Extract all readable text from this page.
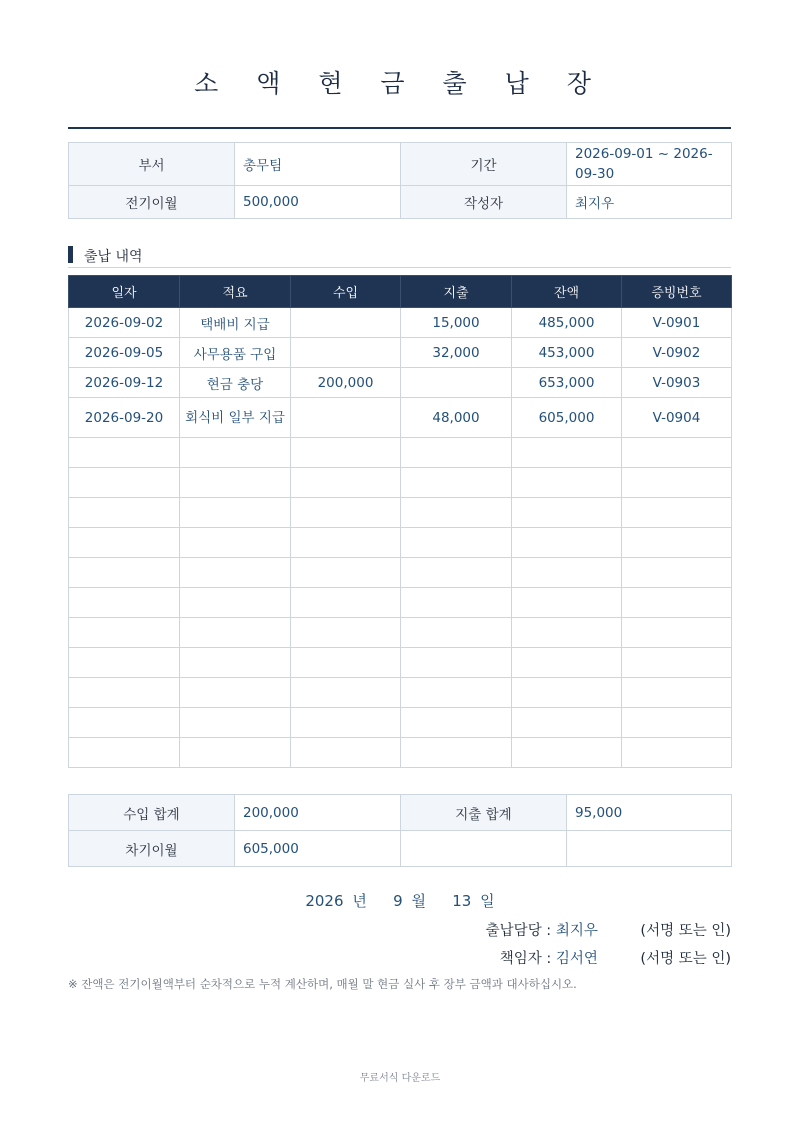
소 액 현 금 출 납 장
부서	총무팀	기간	2026-09-01 ~ 2026-09-30
전기이월	500,000	작성자	최지우
출납 내역
일자	적요	수입	지출	잔액	증빙번호
2026-09-02	택배비 지급		15,000	485,000	V-0901
2026-09-05	사무용품 구입		32,000	453,000	V-0902
2026-09-12	현금 충당	200,000		653,000	V-0903
2026-09-20	회식비 일부 지급		48,000	605,000	V-0904

수입 합계	200,000	지출 합계	95,000
차기이월	605,000		
2026 년 9 월 13 일
출납담당 : 최지우	(서명 또는 인)
책임자 : 김서연	(서명 또는 인)
※ 잔액은 전기이월액부터 순차적으로 누적 계산하며, 매월 말 현금 실사 후 장부 금액과 대사하십시오.
무료서식 다운로드
